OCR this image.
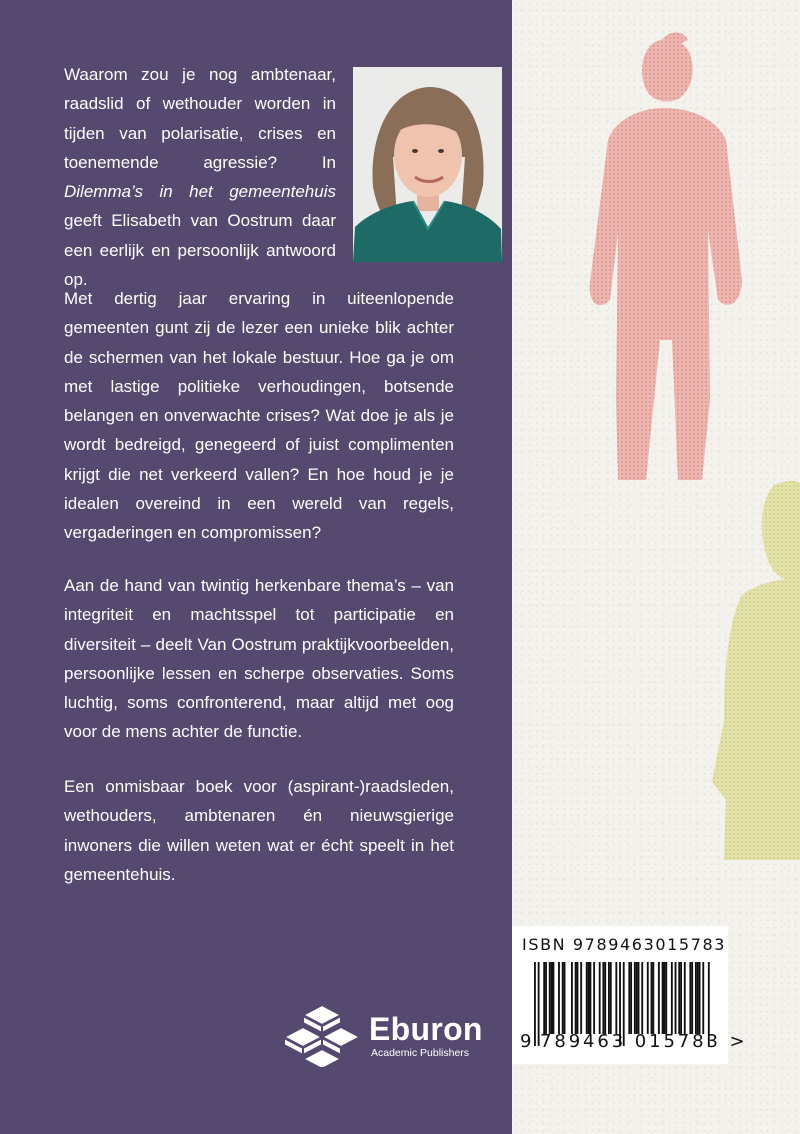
Waarom zou je nog ambtenaar, raadslid of wethouder worden in tijden van polarisatie, crises en toenemende agressie? In Dilemma’s in het gemeentehuis geeft Elisabeth van Oostrum daar een eerlijk en persoonlijk antwoord op.

Met dertig jaar ervaring in uiteenlopende gemeenten gunt zij de lezer een unieke blik achter de schermen van het lokale bestuur. Hoe ga je om met lastige politieke verhoudingen, botsende belangen en onverwachte crises? Wat doe je als je wordt bedreigd, genegeerd of juist complimenten krijgt die net verkeerd vallen? En hoe houd je je idealen overeind in een wereld van regels, vergaderingen en compromissen?

Aan de hand van twintig herkenbare thema’s – van integriteit en machtsspel tot participatie en diversiteit – deelt Van Oostrum praktijkvoorbeelden, persoonlijke lessen en scherpe observaties. Soms luchtig, soms confronterend, maar altijd met oog voor de mens achter de functie.

Een onmisbaar boek voor (aspirant-)raadsleden, wethouders, ambtenaren én nieuwsgierige inwoners die willen weten wat er écht speelt in het gemeentehuis.

Eburon
Academic Publishers
ISBN 9789463015783
9 789463 015783 >
